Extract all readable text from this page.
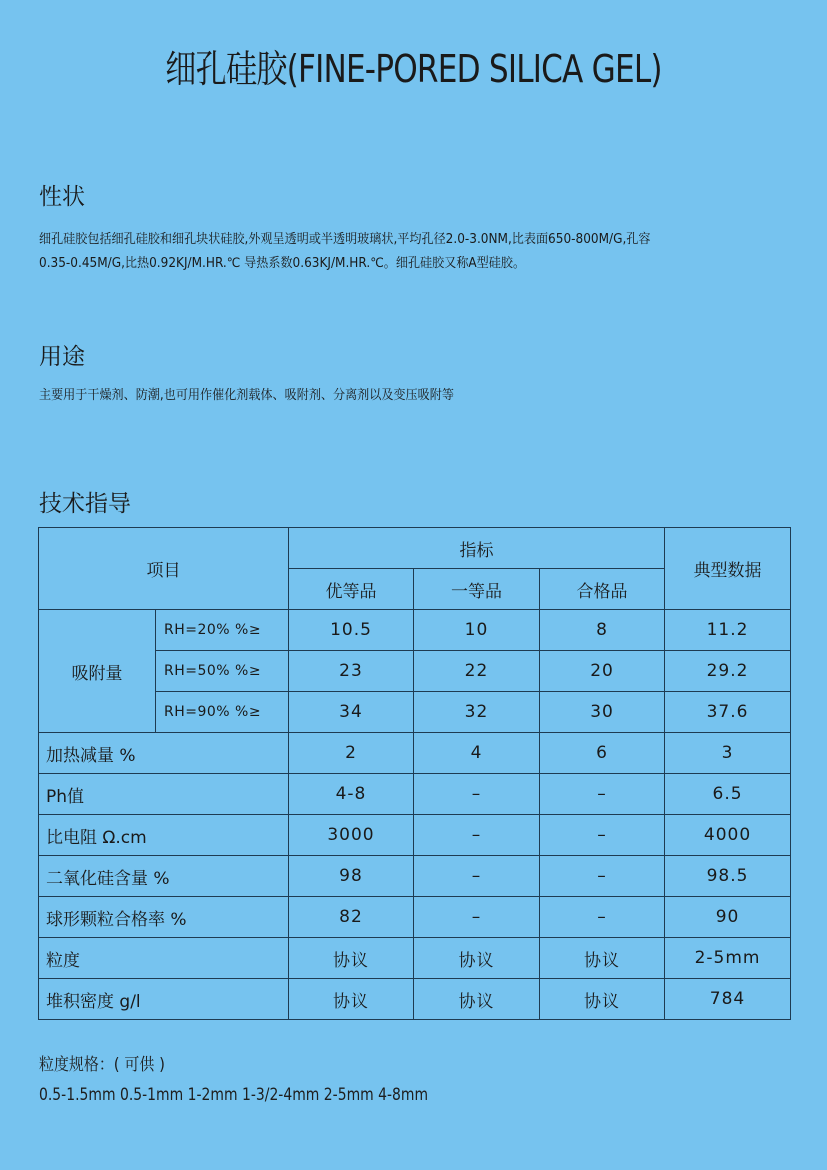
细孔硅胶(FINE-PORED SILICA GEL)
性状
细孔硅胶包括细孔硅胶和细孔块状硅胶,外观呈透明或半透明玻璃状,平均孔径2.0-3.0NM,比表面650-800M/G,孔容
0.35-0.45M/G,比热0.92KJ/M.HR.℃ 导热系数0.63KJ/M.HR.℃。细孔硅胶又称A型硅胶。
用途
主要用于干燥剂、防潮,也可用作催化剂载体、吸附剂、分离剂以及变压吸附等
技术指导
项目		指标			典型数据
		优等品	一等品	合格品	
吸附量	RH=20% %≥	10.5	10	8	11.2
	RH=50% %≥	23	22	20	29.2
	RH=90% %≥	34	32	30	37.6
加热减量 %		2	4	6	3
Ph值		4-8	–	–	6.5
比电阻 Ω.cm		3000	–	–	4000
二氧化硅含量 %		98	–	–	98.5
球形颗粒合格率 %		82	–	–	90
粒度		协议	协议	协议	2-5mm
堆积密度 g/l		协议	协议	协议	784
粒度规格：( 可供 )
0.5-1.5mm 0.5-1mm 1-2mm 1-3/2-4mm 2-5mm 4-8mm
